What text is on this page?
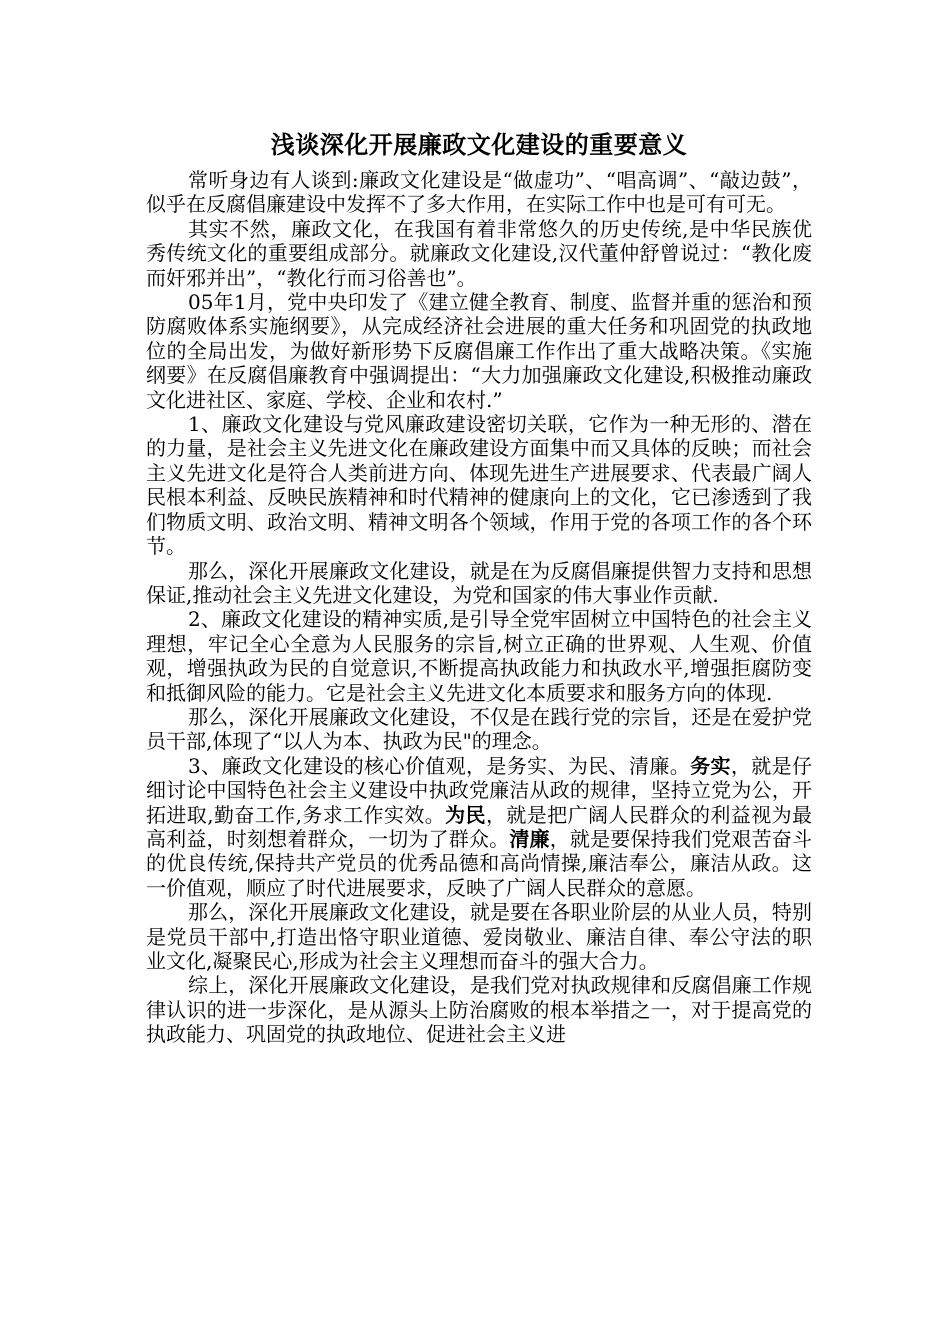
浅谈深化开展廉政文化建设的重要意义

常听身边有人谈到:廉政文化建设是“做虚功”、“唱高调”、“敲边鼓”，似乎在反腐倡廉建设中发挥不了多大作用，在实际工作中也是可有可无。

其实不然，廉政文化，在我国有着非常悠久的历史传统,是中华民族优秀传统文化的重要组成部分。就廉政文化建设,汉代董仲舒曾说过：“教化废而奸邪并出”，“教化行而习俗善也”。

05年1月，党中央印发了《建立健全教育、制度、监督并重的惩治和预防腐败体系实施纲要》，从完成经济社会进展的重大任务和巩固党的执政地位的全局出发，为做好新形势下反腐倡廉工作作出了重大战略决策。《实施纲要》在反腐倡廉教育中强调提出：“大力加强廉政文化建设,积极推动廉政文化进社区、家庭、学校、企业和农村.”

1、廉政文化建设与党风廉政建设密切关联，它作为一种无形的、潜在的力量，是社会主义先进文化在廉政建设方面集中而又具体的反映；而社会主义先进文化是符合人类前进方向、体现先进生产进展要求、代表最广阔人民根本利益、反映民族精神和时代精神的健康向上的文化，它已渗透到了我们物质文明、政治文明、精神文明各个领域，作用于党的各项工作的各个环节。

那么，深化开展廉政文化建设，就是在为反腐倡廉提供智力支持和思想保证,推动社会主义先进文化建设，为党和国家的伟大事业作贡献.

2、廉政文化建设的精神实质,是引导全党牢固树立中国特色的社会主义理想，牢记全心全意为人民服务的宗旨,树立正确的世界观、人生观、价值观，增强执政为民的自觉意识,不断提高执政能力和执政水平,增强拒腐防变和抵御风险的能力。它是社会主义先进文化本质要求和服务方向的体现.

那么，深化开展廉政文化建设，不仅是在践行党的宗旨，还是在爱护党员干部,体现了“以人为本、执政为民"的理念。

3、廉政文化建设的核心价值观，是务实、为民、清廉。务实，就是仔细讨论中国特色社会主义建设中执政党廉洁从政的规律，坚持立党为公，开拓进取,勤奋工作,务求工作实效。为民，就是把广阔人民群众的利益视为最高利益，时刻想着群众，一切为了群众。清廉，就是要保持我们党艰苦奋斗的优良传统,保持共产党员的优秀品德和高尚情操,廉洁奉公，廉洁从政。这一价值观，顺应了时代进展要求，反映了广阔人民群众的意愿。

那么，深化开展廉政文化建设，就是要在各职业阶层的从业人员，特别是党员干部中,打造出恪守职业道德、爱岗敬业、廉洁自律、奉公守法的职业文化,凝聚民心,形成为社会主义理想而奋斗的强大合力。

综上，深化开展廉政文化建设，是我们党对执政规律和反腐倡廉工作规律认识的进一步深化，是从源头上防治腐败的根本举措之一，对于提高党的执政能力、巩固党的执政地位、促进社会主义进
